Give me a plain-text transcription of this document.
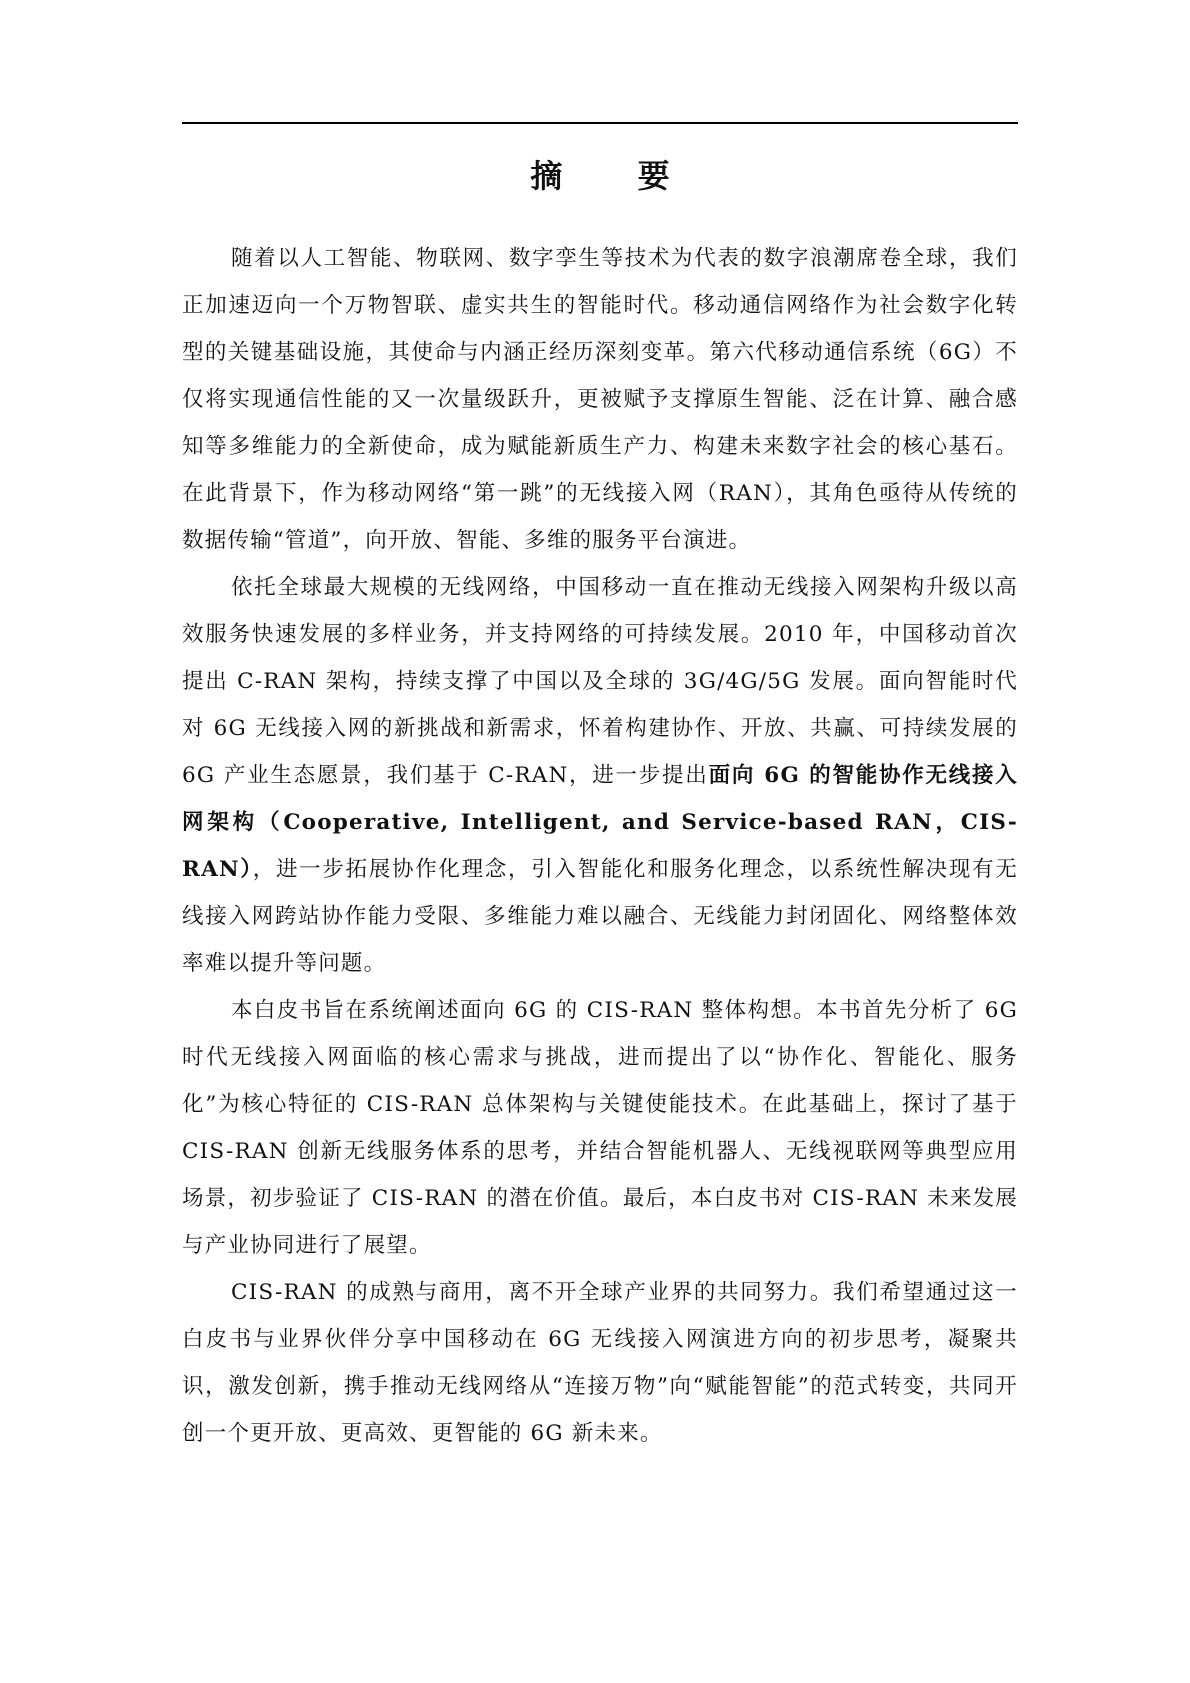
摘 要

随着以人工智能、物联网、数字孪生等技术为代表的数字浪潮席卷全球，我们正加速迈向一个万物智联、虚实共生的智能时代。移动通信网络作为社会数字化转型的关键基础设施，其使命与内涵正经历深刻变革。第六代移动通信系统（6G）不仅将实现通信性能的又一次量级跃升，更被赋予支撑原生智能、泛在计算、融合感知等多维能力的全新使命，成为赋能新质生产力、构建未来数字社会的核心基石。在此背景下，作为移动网络“第一跳”的无线接入网（RAN），其角色亟待从传统的数据传输“管道”，向开放、智能、多维的服务平台演进。

依托全球最大规模的无线网络，中国移动一直在推动无线接入网架构升级以高效服务快速发展的多样业务，并支持网络的可持续发展。2010 年，中国移动首次提出 C-RAN 架构，持续支撑了中国以及全球的 3G/4G/5G 发展。面向智能时代对 6G 无线接入网的新挑战和新需求，怀着构建协作、开放、共赢、可持续发展的 6G 产业生态愿景，我们基于 C-RAN，进一步提出面向 6G 的智能协作无线接入网架构（Cooperative, Intelligent, and Service-based RAN，CIS-RAN），进一步拓展协作化理念，引入智能化和服务化理念，以系统性解决现有无线接入网跨站协作能力受限、多维能力难以融合、无线能力封闭固化、网络整体效率难以提升等问题。

本白皮书旨在系统阐述面向 6G 的 CIS-RAN 整体构想。本书首先分析了 6G 时代无线接入网面临的核心需求与挑战，进而提出了以“协作化、智能化、服务化”为核心特征的 CIS-RAN 总体架构与关键使能技术。在此基础上，探讨了基于 CIS-RAN 创新无线服务体系的思考，并结合智能机器人、无线视联网等典型应用场景，初步验证了 CIS-RAN 的潜在价值。最后，本白皮书对 CIS-RAN 未来发展与产业协同进行了展望。

CIS-RAN 的成熟与商用，离不开全球产业界的共同努力。我们希望通过这一白皮书与业界伙伴分享中国移动在 6G 无线接入网演进方向的初步思考，凝聚共识，激发创新，携手推动无线网络从“连接万物”向“赋能智能”的范式转变，共同开创一个更开放、更高效、更智能的 6G 新未来。
